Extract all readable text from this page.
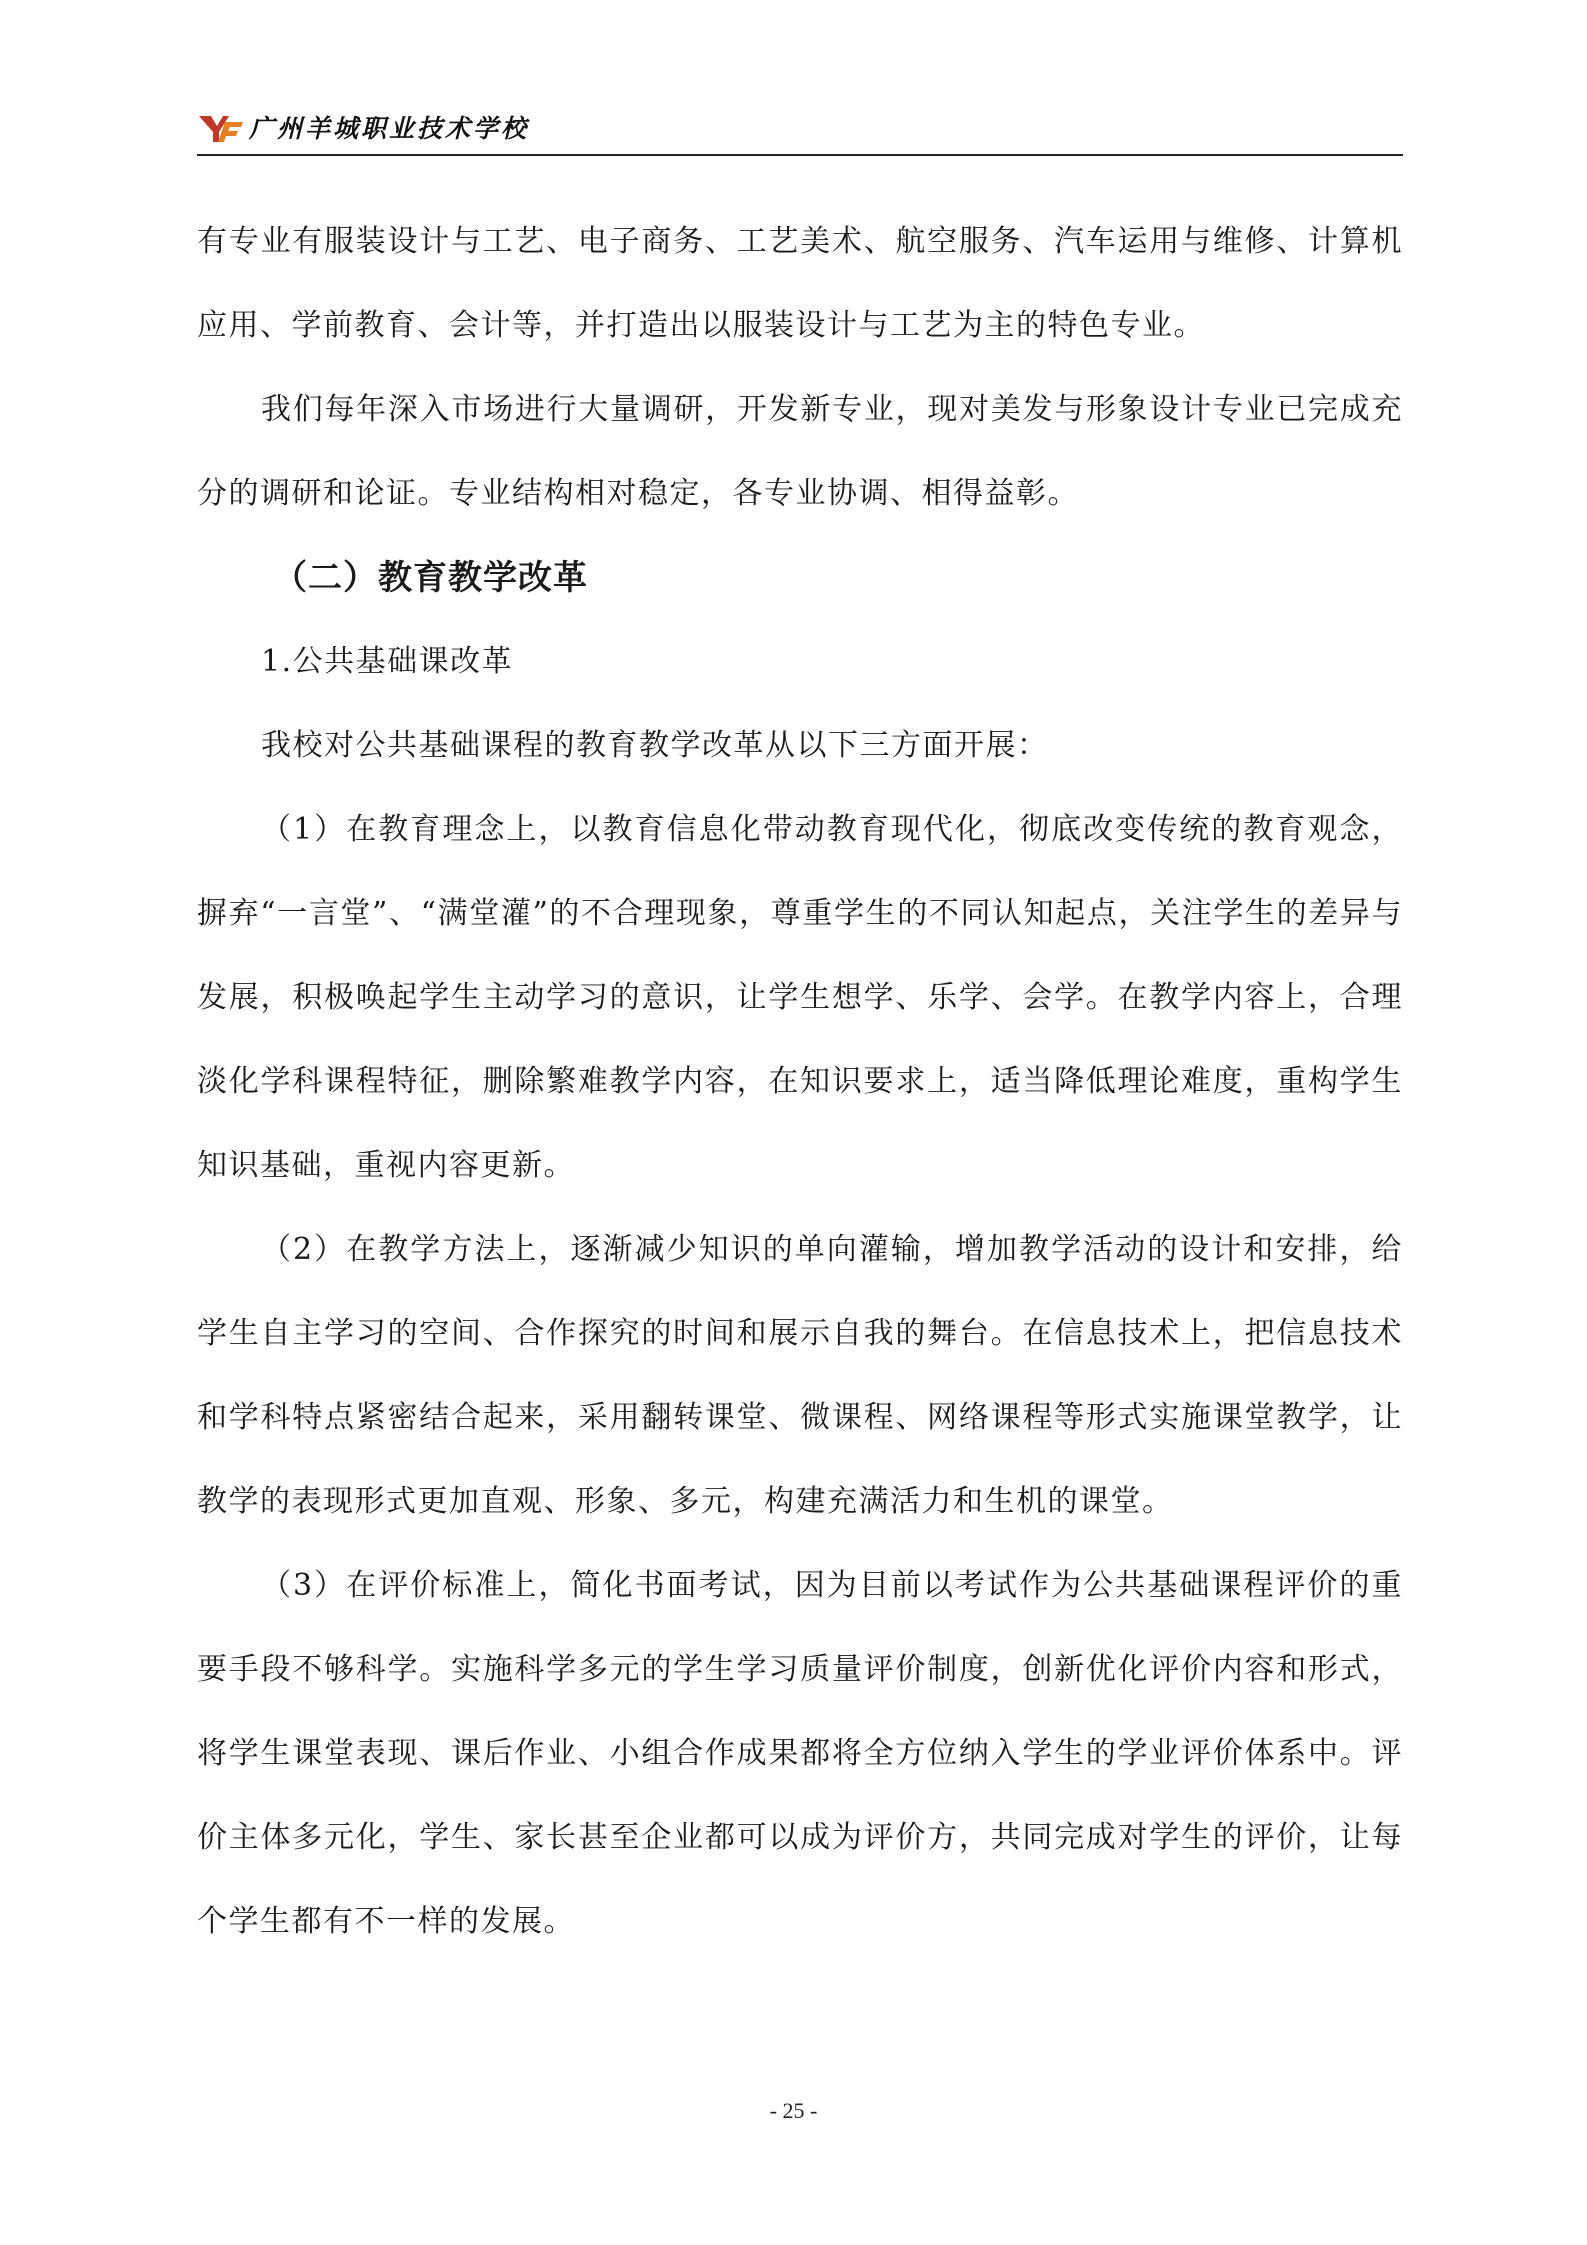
广州羊城职业技术学校

有专业有服装设计与工艺、电子商务、工艺美术、航空服务、汽车运用与维修、计算机应用、学前教育、会计等，并打造出以服装设计与工艺为主的特色专业。

我们每年深入市场进行大量调研，开发新专业，现对美发与形象设计专业已完成充分的调研和论证。专业结构相对稳定，各专业协调、相得益彰。

（二）教育教学改革

1.公共基础课改革

我校对公共基础课程的教育教学改革从以下三方面开展：

（1）在教育理念上，以教育信息化带动教育现代化，彻底改变传统的教育观念，摒弃“一言堂”、“满堂灌”的不合理现象，尊重学生的不同认知起点，关注学生的差异与发展，积极唤起学生主动学习的意识，让学生想学、乐学、会学。在教学内容上，合理淡化学科课程特征，删除繁难教学内容，在知识要求上，适当降低理论难度，重构学生知识基础，重视内容更新。

（2）在教学方法上，逐渐减少知识的单向灌输，增加教学活动的设计和安排，给学生自主学习的空间、合作探究的时间和展示自我的舞台。在信息技术上，把信息技术和学科特点紧密结合起来，采用翻转课堂、微课程、网络课程等形式实施课堂教学，让教学的表现形式更加直观、形象、多元，构建充满活力和生机的课堂。

（3）在评价标准上，简化书面考试，因为目前以考试作为公共基础课程评价的重要手段不够科学。实施科学多元的学生学习质量评价制度，创新优化评价内容和形式，将学生课堂表现、课后作业、小组合作成果都将全方位纳入学生的学业评价体系中。评价主体多元化，学生、家长甚至企业都可以成为评价方，共同完成对学生的评价，让每个学生都有不一样的发展。

- 25 -
